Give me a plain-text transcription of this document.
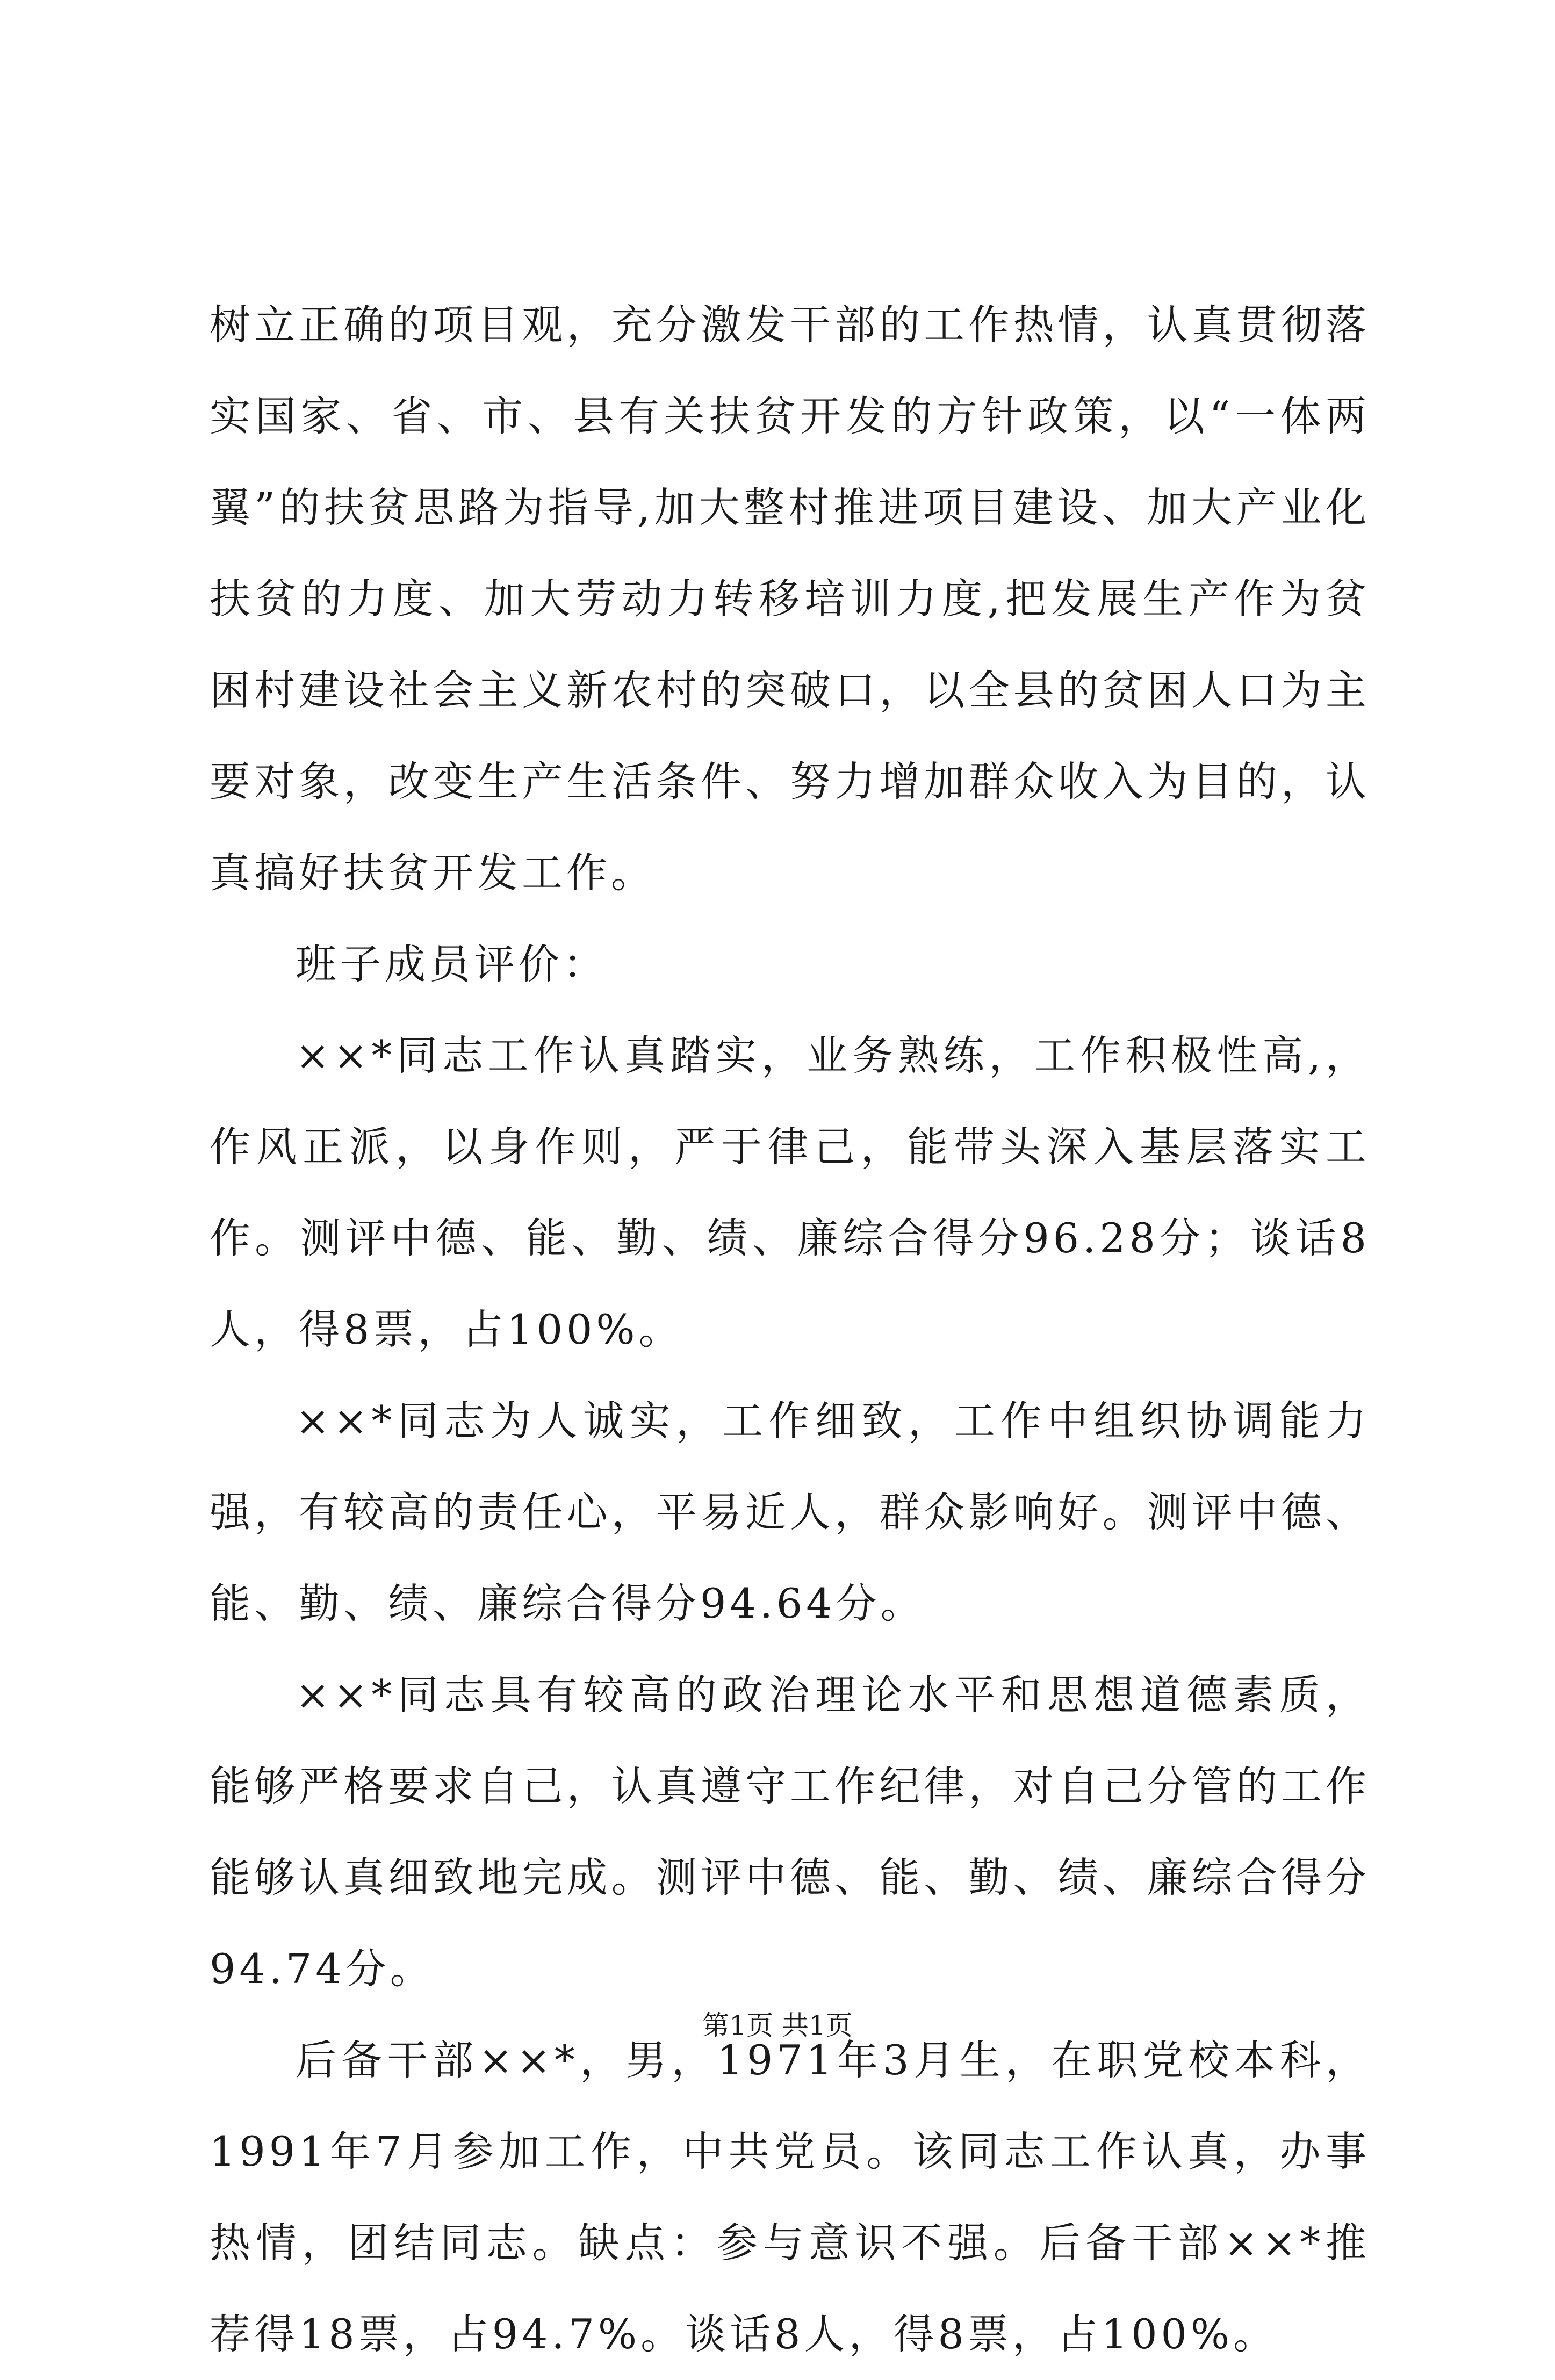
树立正确的项目观，充分激发干部的工作热情，认真贯彻落实国家、省、市、县有关扶贫开发的方针政策，以“一体两翼”的扶贫思路为指导,加大整村推进项目建设、加大产业化扶贫的力度、加大劳动力转移培训力度,把发展生产作为贫困村建设社会主义新农村的突破口，以全县的贫困人口为主要对象，改变生产生活条件、努力增加群众收入为目的，认真搞好扶贫开发工作。

班子成员评价：

××*同志工作认真踏实，业务熟练，工作积极性高,，作风正派，以身作则，严于律己，能带头深入基层落实工作。测评中德、能、勤、绩、廉综合得分96.28分；谈话8人，得8票，占100%。

××*同志为人诚实，工作细致，工作中组织协调能力强，有较高的责任心，平易近人，群众影响好。测评中德、能、勤、绩、廉综合得分94.64分。

××*同志具有较高的政治理论水平和思想道德素质，能够严格要求自己，认真遵守工作纪律，对自己分管的工作能够认真细致地完成。测评中德、能、勤、绩、廉综合得分94.74分。

后备干部××*，男，1971年3月生，在职党校本科，1991年7月参加工作，中共党员。该同志工作认真，办事热情，团结同志。缺点：参与意识不强。后备干部××*推荐得18票，占94.7%。谈话8人，得8票，占100%。

第1页 共1页
